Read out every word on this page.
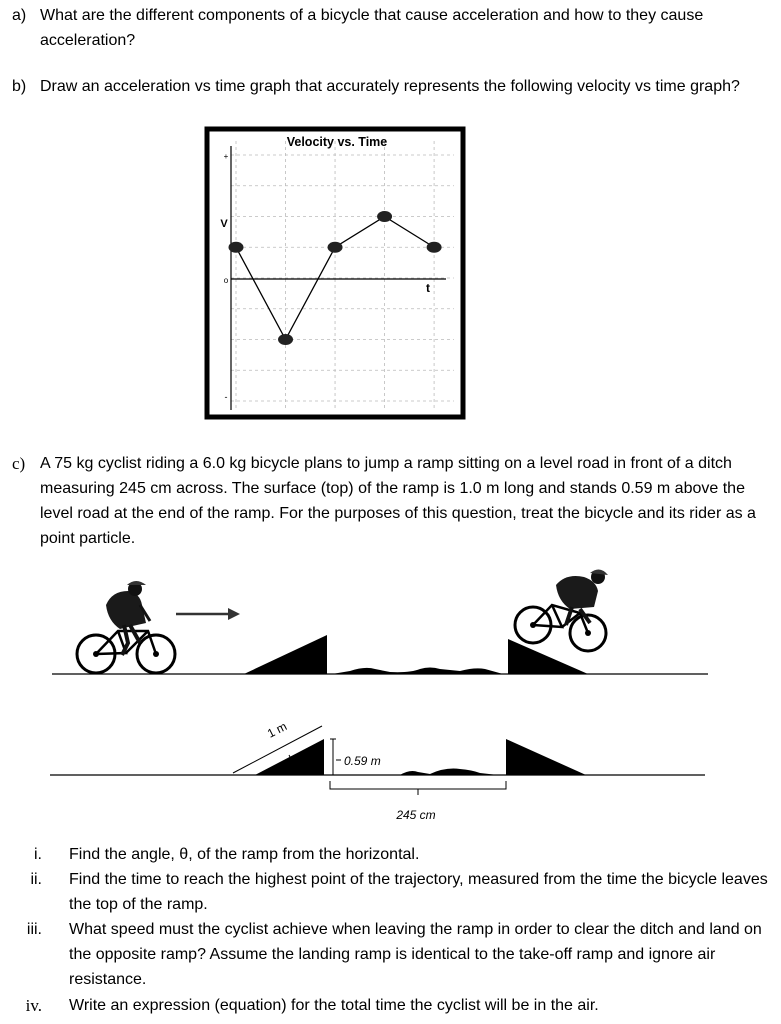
a) What are the different components of a bicycle that cause acceleration and how to they cause acceleration?
b) Draw an acceleration vs time graph that accurately represents the following velocity vs time graph?
Velocity vs. Time
V
t
+
o
-
c) A 75 kg cyclist riding a 6.0 kg bicycle plans to jump a ramp sitting on a level road in front of a ditch measuring 245 cm across. The surface (top) of the ramp is 1.0 m long and stands 0.59 m above the level road at the end of the ramp. For the purposes of this question, treat the bicycle and its rider as a point particle.
1 m
θ	0.59 m
245 cm
i. Find the angle, θ, of the ramp from the horizontal.
ii. Find the time to reach the highest point of the trajectory, measured from the time the bicycle leaves the top of the ramp.
iii. What speed must the cyclist achieve when leaving the ramp in order to clear the ditch and land on the opposite ramp? Assume the landing ramp is identical to the take-off ramp and ignore air resistance.
iv. Write an expression (equation) for the total time the cyclist will be in the air.
